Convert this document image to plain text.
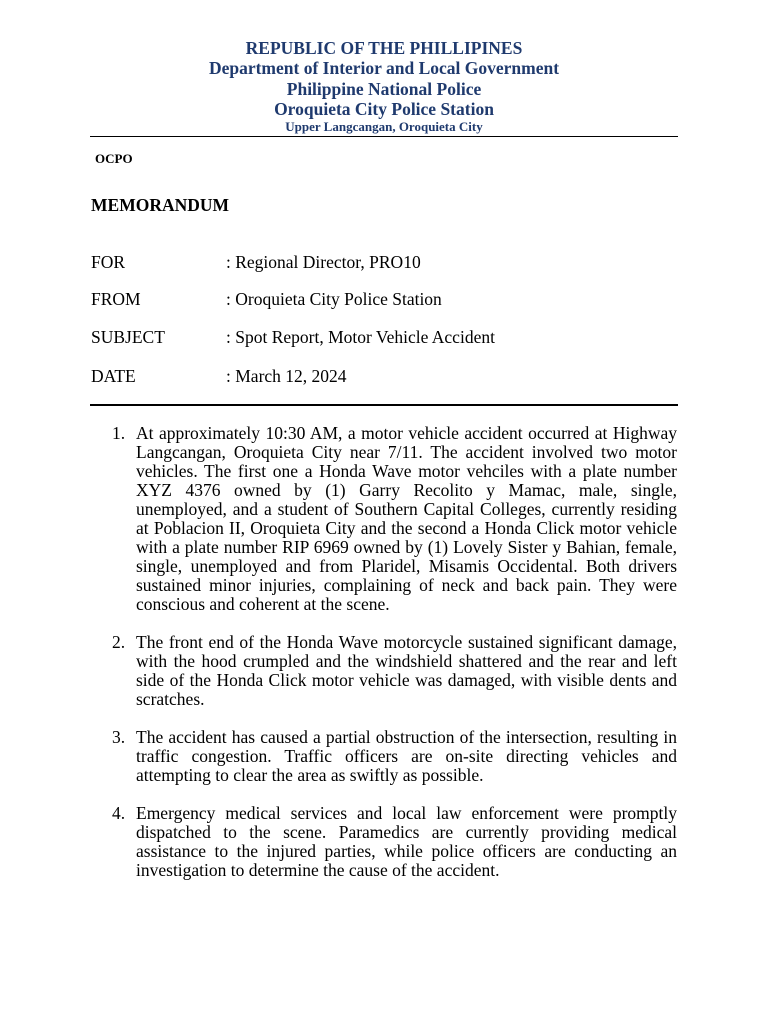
REPUBLIC OF THE PHILLIPINES
Department of Interior and Local Government
Philippine National Police
Oroquieta City Police Station
Upper Langcangan, Oroquieta City
OCPO
MEMORANDUM
FOR	: Regional Director, PRO10
FROM	: Oroquieta City Police Station
SUBJECT	: Spot Report, Motor Vehicle Accident
DATE	: March 12, 2024
1. At approximately 10:30 AM, a motor vehicle accident occurred at Highway Langcangan, Oroquieta City near 7/11. The accident involved two motor vehicles. The first one a Honda Wave motor vehciles with a plate number XYZ 4376 owned by (1) Garry Recolito y Mamac, male, single, unemployed, and a student of Southern Capital Colleges, currently residing at Poblacion II, Oroquieta City and the second a Honda Click motor vehicle with a plate number RIP 6969 owned by (1) Lovely Sister y Bahian, female, single, unemployed and from Plaridel, Misamis Occidental. Both drivers sustained minor injuries, complaining of neck and back pain. They were conscious and coherent at the scene.
2. The front end of the Honda Wave motorcycle sustained significant damage, with the hood crumpled and the windshield shattered and the rear and left side of the Honda Click motor vehicle was damaged, with visible dents and scratches.
3. The accident has caused a partial obstruction of the intersection, resulting in traffic congestion. Traffic officers are on-site directing vehicles and attempting to clear the area as swiftly as possible.
4. Emergency medical services and local law enforcement were promptly dispatched to the scene. Paramedics are currently providing medical assistance to the injured parties, while police officers are conducting an investigation to determine the cause of the accident.
